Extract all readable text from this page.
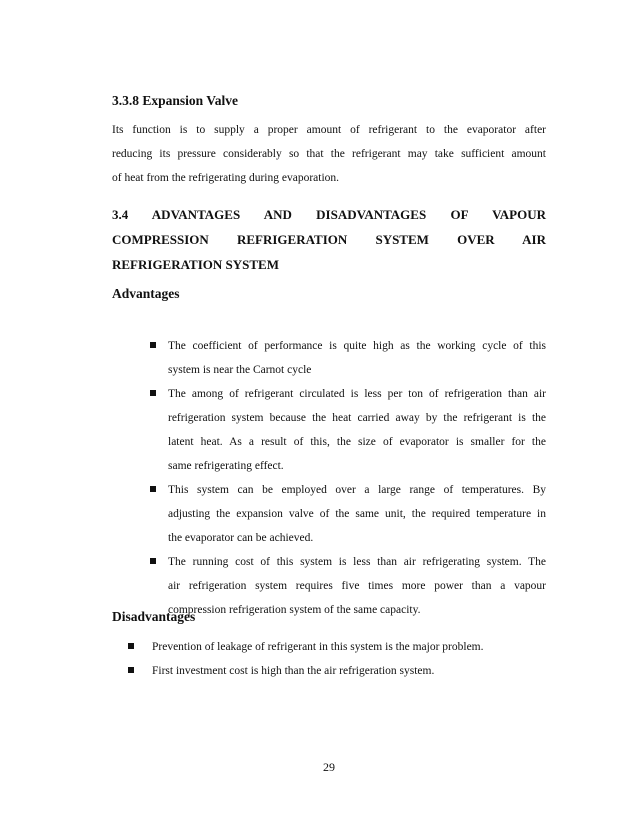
3.3.8 Expansion Valve
Its function is to supply a proper amount of refrigerant to the evaporator after
reducing its pressure considerably so that the refrigerant may take sufficient amount
of heat from the refrigerating during evaporation.
3.4 ADVANTAGES AND DISADVANTAGES OF VAPOUR
COMPRESSION REFRIGERATION SYSTEM OVER AIR
REFRIGERATION SYSTEM
Advantages
The coefficient of performance is quite high as the working cycle of this
system is near the Carnot cycle
The among of refrigerant circulated is less per ton of refrigeration than air
refrigeration system because the heat carried away by the refrigerant is the
latent heat. As a result of this, the size of evaporator is smaller for the
same refrigerating effect.
This system can be employed over a large range of temperatures. By
adjusting the expansion valve of the same unit, the required temperature in
the evaporator can be achieved.
The running cost of this system is less than air refrigerating system. The
air refrigeration system requires five times more power than a vapour
compression refrigeration system of the same capacity.
Disadvantages
Prevention of leakage of refrigerant in this system is the major problem.
First investment cost is high than the air refrigeration system.
29
